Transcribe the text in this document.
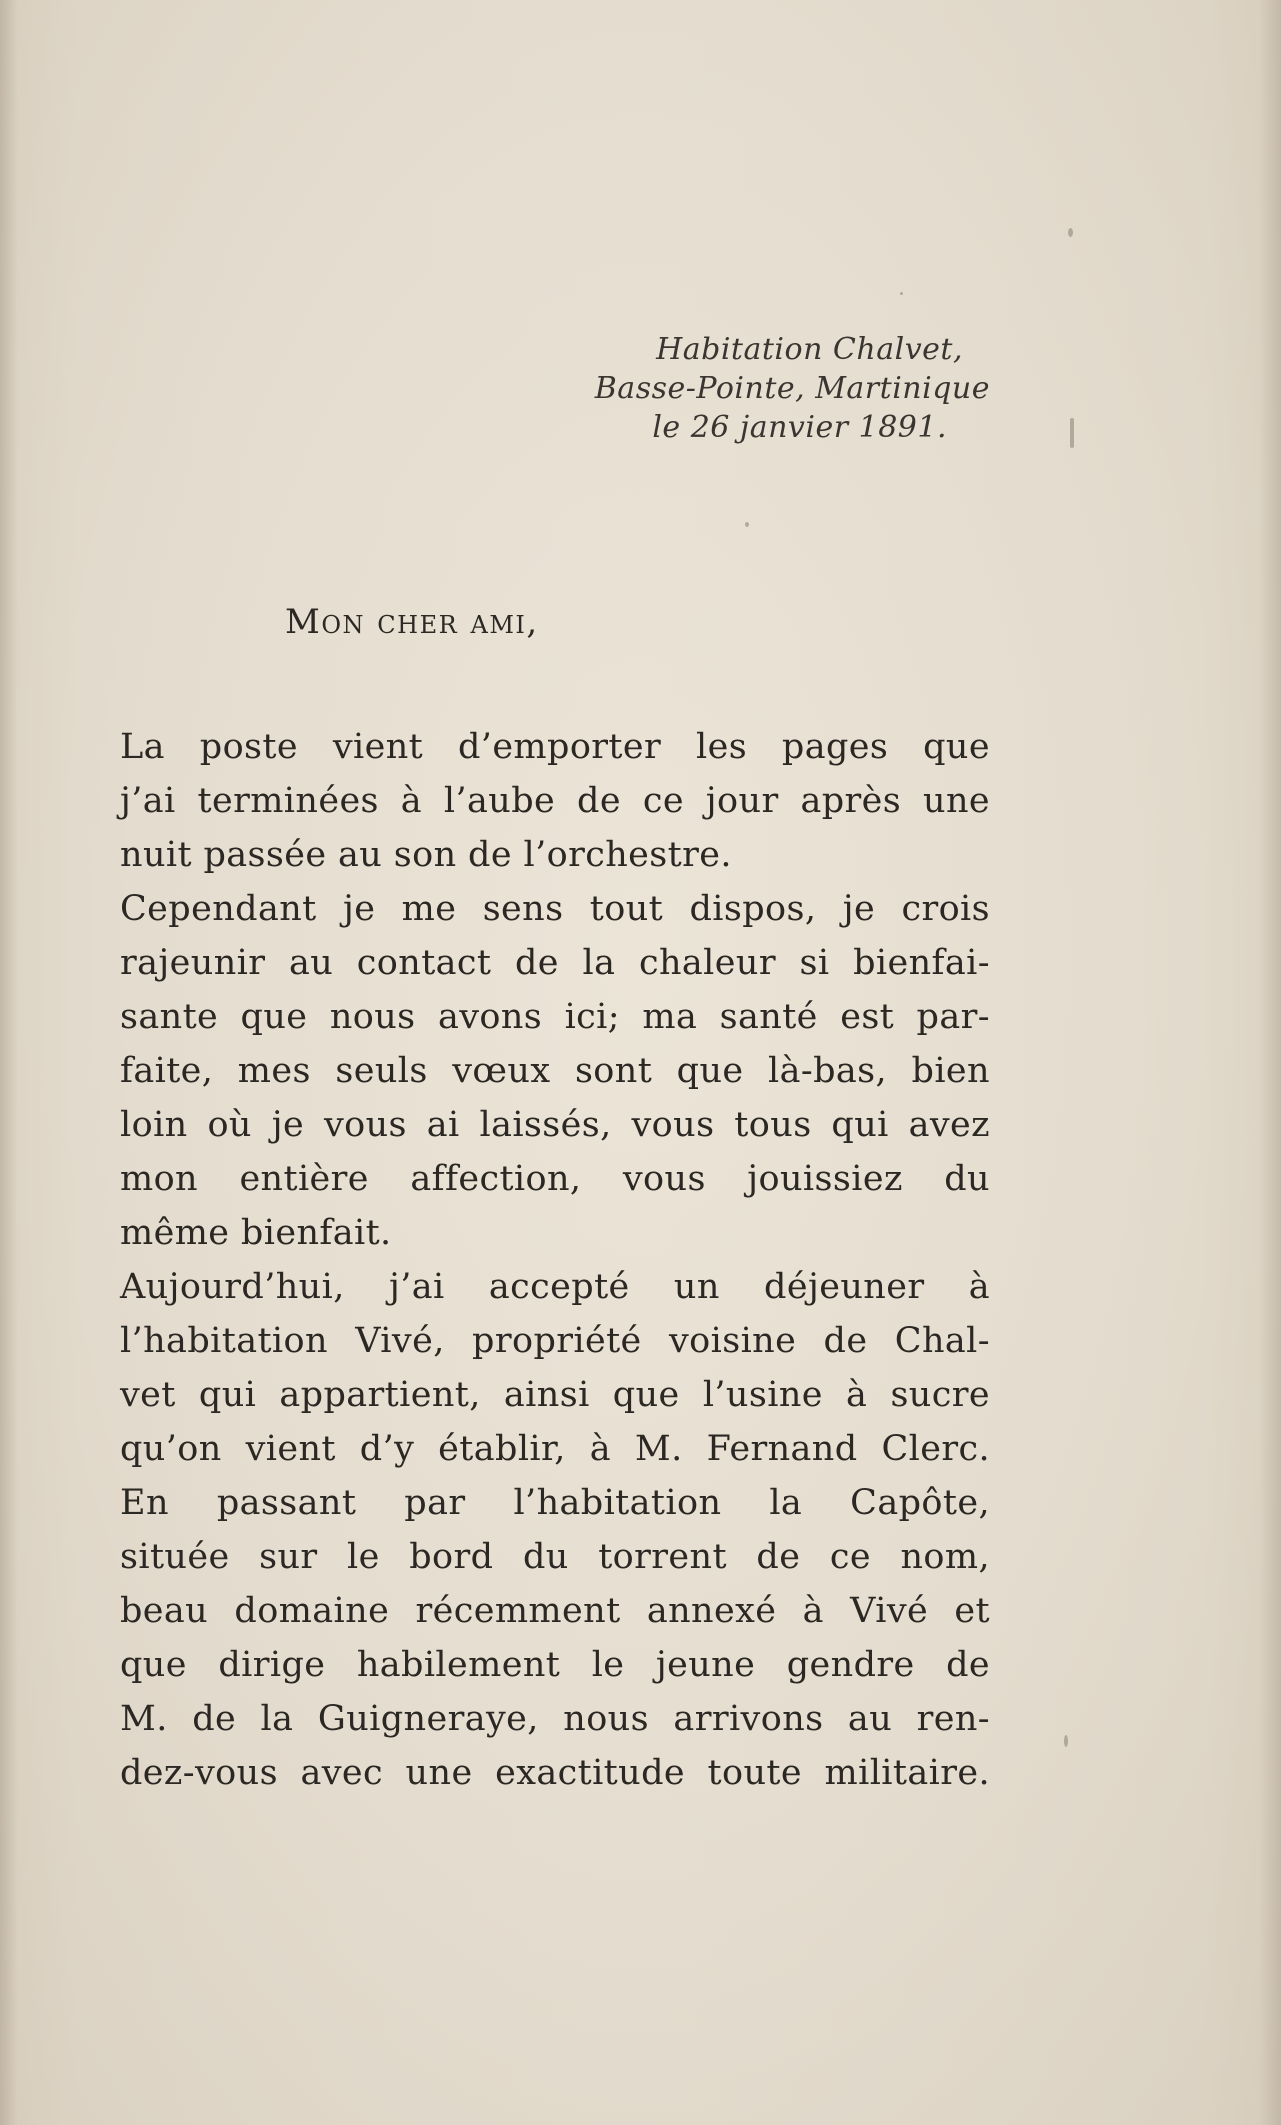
Habitation Chalvet,
Basse-Pointe, Martinique
le 26 janvier 1891.
Mon cher ami,
La poste vient d’emporter les pages que
j’ai terminées à l’aube de ce jour après une
nuit passée au son de l’orchestre.
Cependant je me sens tout dispos, je crois
rajeunir au contact de la chaleur si bienfai-
sante que nous avons ici; ma santé est par-
faite, mes seuls vœux sont que là-bas, bien
loin où je vous ai laissés, vous tous qui avez
mon entière affection, vous jouissiez du
même bienfait.
Aujourd’hui, j’ai accepté un déjeuner à
l’habitation Vivé, propriété voisine de Chal-
vet qui appartient, ainsi que l’usine à sucre
qu’on vient d’y établir, à M. Fernand Clerc.
En passant par l’habitation la Capôte,
située sur le bord du torrent de ce nom,
beau domaine récemment annexé à Vivé et
que dirige habilement le jeune gendre de
M. de la Guigneraye, nous arrivons au ren-
dez-vous avec une exactitude toute militaire.
